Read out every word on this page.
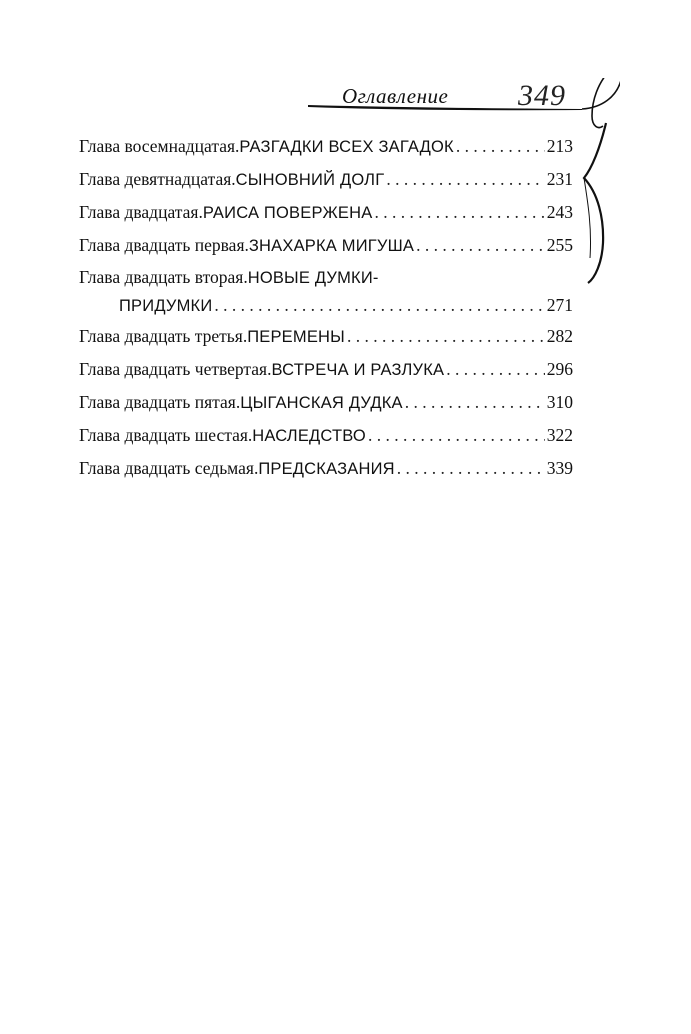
Оглавление 349
Глава восемнадцатая. РАЗГАДКИ ВСЕХ ЗАГАДОК . . .	213
Глава девятнадцатая. СЫНОВНИЙ ДОЛГ . . .	231
Глава двадцатая. РАИСА ПОВЕРЖЕНА . . .	243
Глава двадцать первая. ЗНАХАРКА МИГУША . . .	255
Глава двадцать вторая. НОВЫЕ ДУМКИ-
ПРИДУМКИ . . .	271
Глава двадцать третья. ПЕРЕМЕНЫ . . .	282
Глава двадцать четвертая. ВСТРЕЧА И РАЗЛУКА . . .	296
Глава двадцать пятая. ЦЫГАНСКАЯ ДУДКА . . .	310
Глава двадцать шестая. НАСЛЕДСТВО . . .	322
Глава двадцать седьмая. ПРЕДСКАЗАНИЯ . . .	339
